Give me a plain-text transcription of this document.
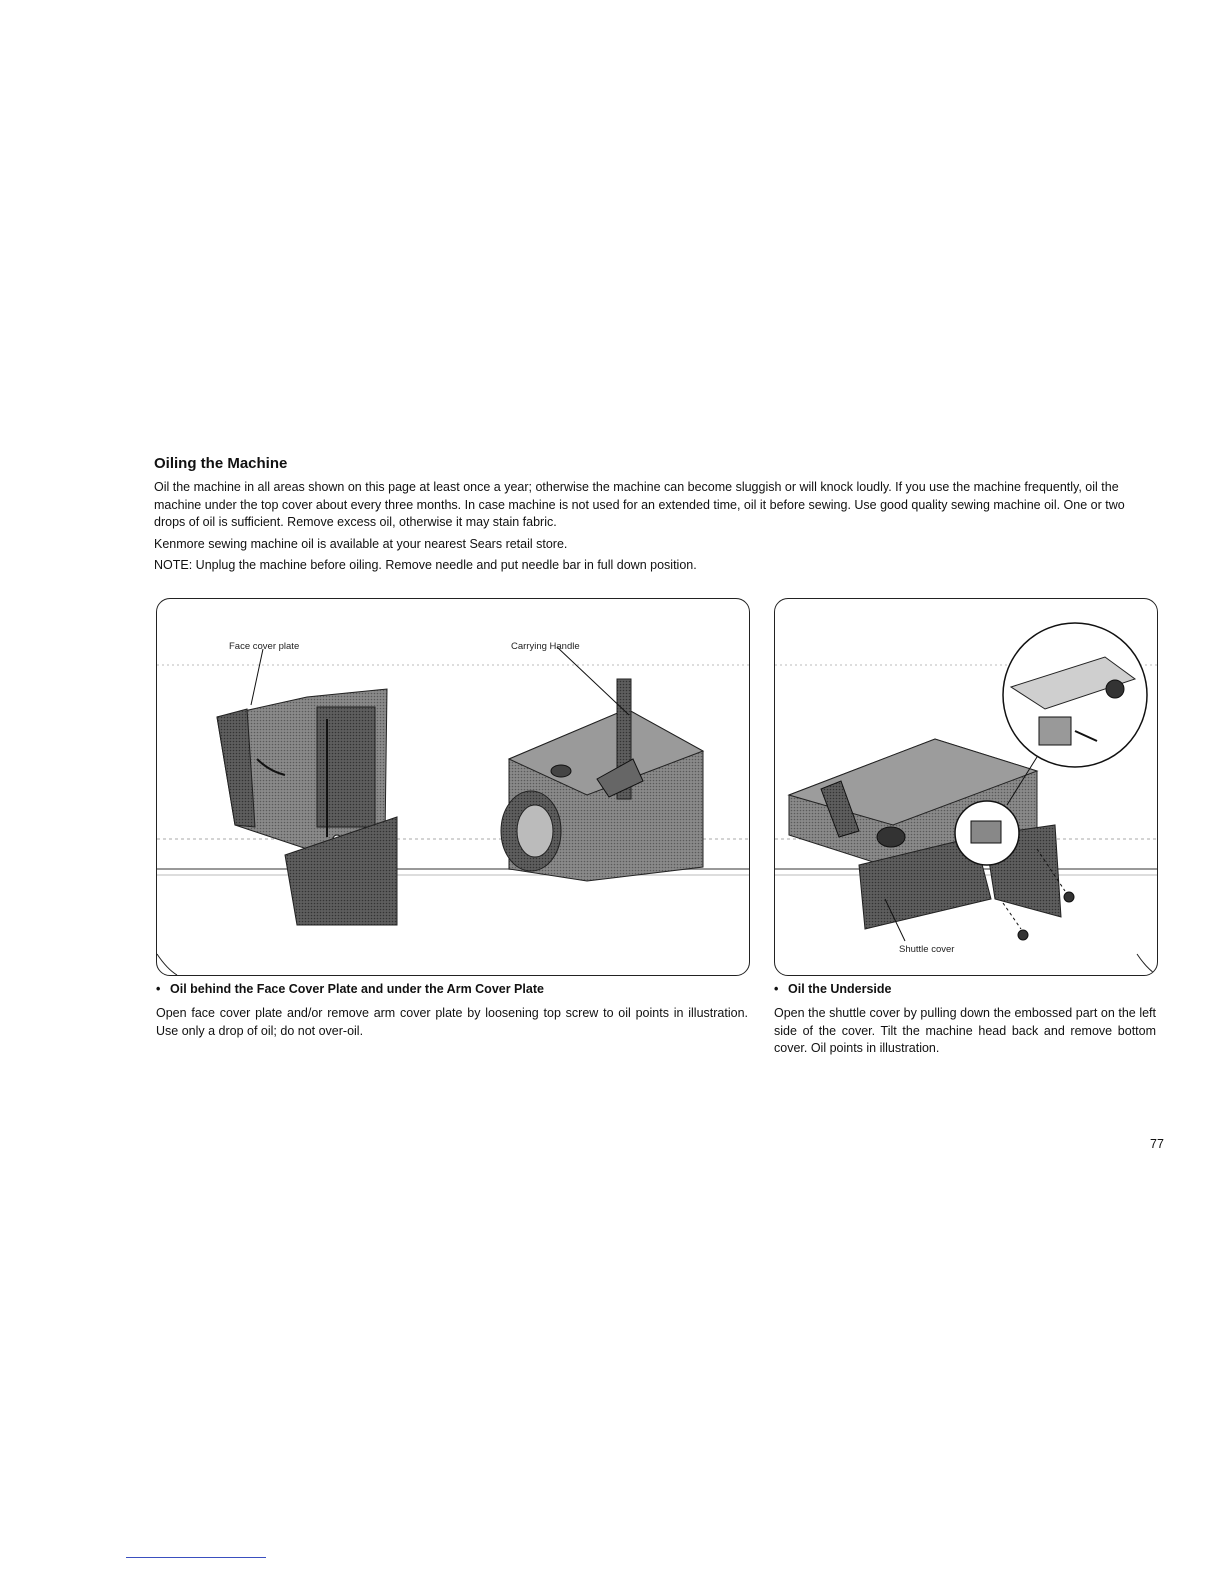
Oiling the Machine

Oil the machine in all areas shown on this page at least once a year; otherwise the machine can become sluggish or will knock loudly. If you use the machine frequently, oil the machine under the top cover about every three months. In case machine is not used for an extended time, oil it before sewing. Use good quality sewing machine oil. One or two drops of oil is sufficient. Remove excess oil, otherwise it may stain fabric.

Kenmore sewing machine oil is available at your nearest Sears retail store.

NOTE: Unplug the machine before oiling. Remove needle and put needle bar in full down position.

Face cover plate	Carrying Handle
Shuttle cover
• Oil behind the Face Cover Plate and under the Arm Cover Plate

Open face cover plate and/or remove arm cover plate by loosening top screw to oil points in illustration. Use only a drop of oil; do not over-oil.

• Oil the Underside

Open the shuttle cover by pulling down the embossed part on the left side of the cover. Tilt the machine head back and remove bottom cover. Oil points in illustration.

77
